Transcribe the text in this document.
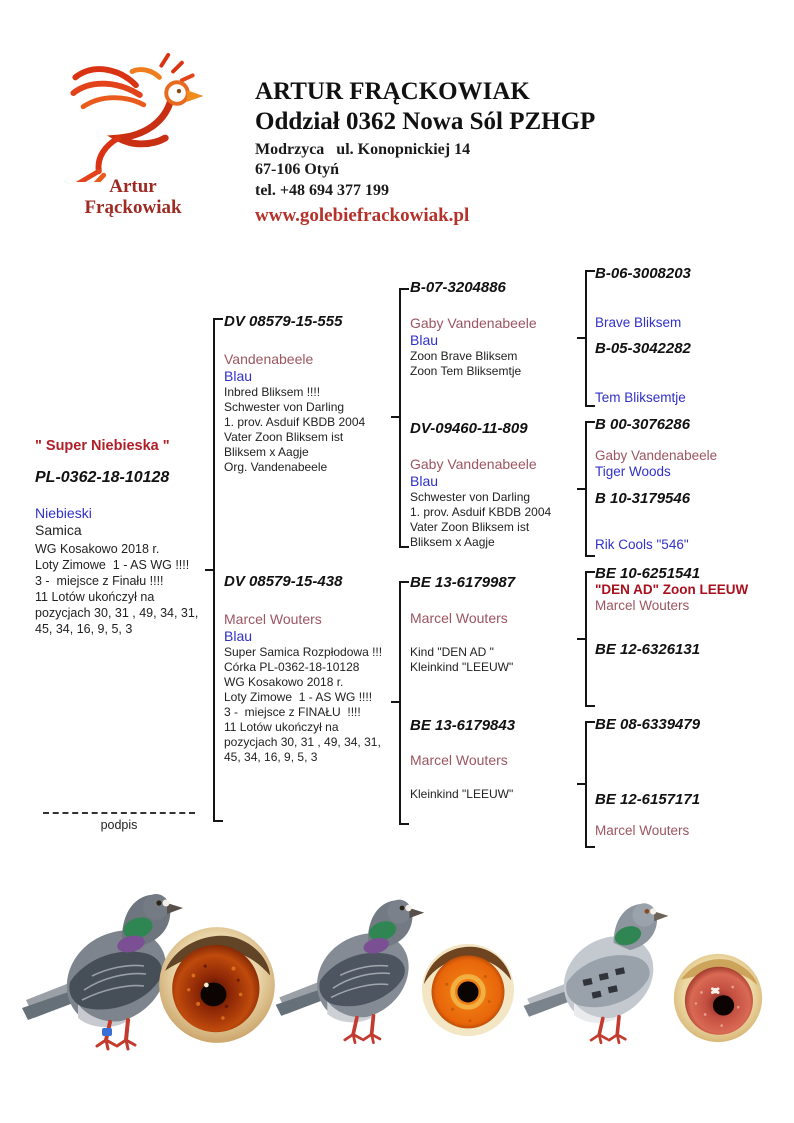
Artur
Frąckowiak
ARTUR FRĄCKOWIAK
Oddział 0362 Nowa Sól PZHGP
Modrzyca   ul. Konopnickiej 14
67-106 Otyń
tel. +48 694 377 199
www.golebiefrackowiak.pl
" Super Niebieska "
PL-0362-18-10128
Niebieski
Samica
WG Kosakowo 2018 r.
Loty Zimowe  1 - AS WG !!!!
3 -  miejsce z Finału !!!!
11 Lotów ukończył na
pozycjach 30, 31 , 49, 34, 31,
45, 34, 16, 9, 5, 3
podpis
DV 08579-15-555
Vandenabeele
Blau
Inbred Bliksem !!!!
Schwester von Darling
1. prov. Asduif KBDB 2004
Vater Zoon Bliksem ist
Bliksem x Aagje
Org. Vandenabeele
DV 08579-15-438
Marcel Wouters
Blau
Super Samica Rozpłodowa !!!
Córka PL-0362-18-10128
WG Kosakowo 2018 r.
Loty Zimowe  1 - AS WG !!!!
3 -  miejsce z FINAŁU  !!!!
11 Lotów ukończył na
pozycjach 30, 31 , 49, 34, 31,
45, 34, 16, 9, 5, 3
B-07-3204886
Gaby Vandenabeele
Blau
Zoon Brave Bliksem
Zoon Tem Bliksemtje
DV-09460-11-809
Gaby Vandenabeele
Blau
Schwester von Darling
1. prov. Asduif KBDB 2004
Vater Zoon Bliksem ist
Bliksem x Aagje
BE 13-6179987
Marcel Wouters
Kind "DEN AD "
Kleinkind "LEEUW"
BE 13-6179843
Marcel Wouters
Kleinkind "LEEUW"
B-06-3008203
Brave Bliksem
B-05-3042282
Tem Bliksemtje
B 00-3076286
Gaby Vandenabeele
Tiger Woods
B 10-3179546
Rik Cools "546"
BE 10-6251541
"DEN AD" Zoon LEEUW
Marcel Wouters
BE 12-6326131
BE 08-6339479
BE 12-6157171
Marcel Wouters
